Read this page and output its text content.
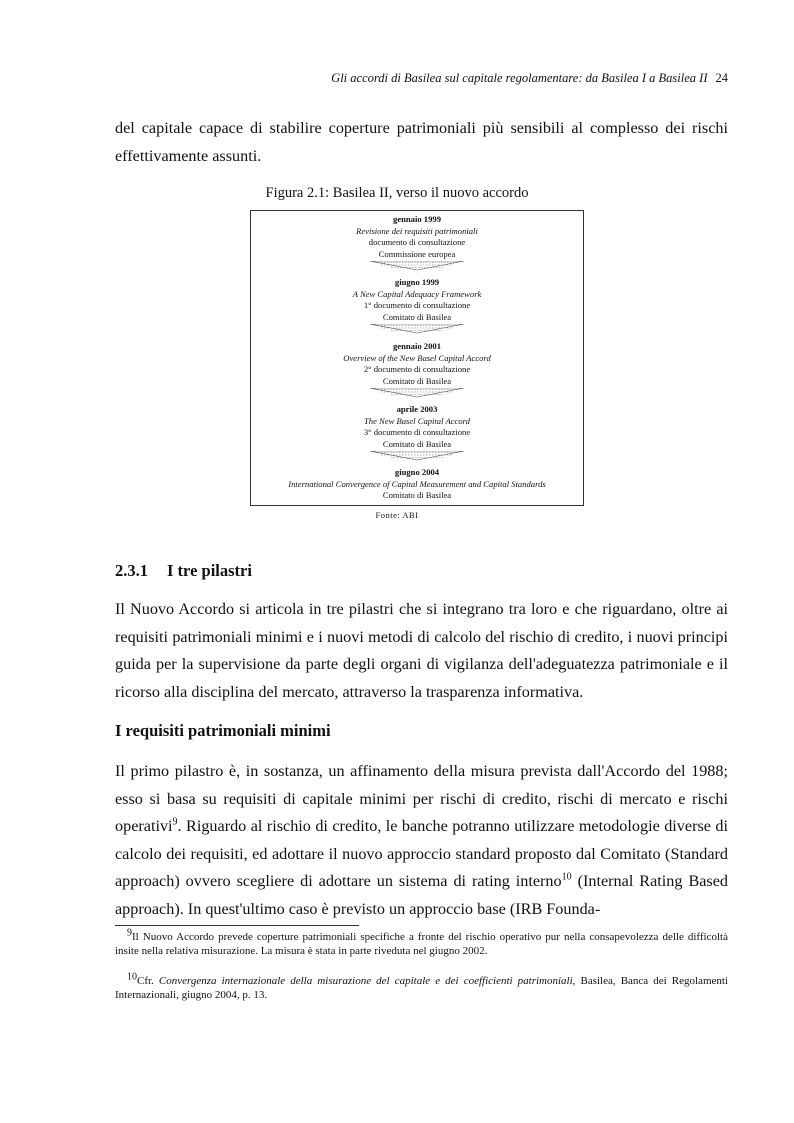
Gli accordi di Basilea sul capitale regolamentare: da Basilea I a Basilea II 24

del capitale capace di stabilire coperture patrimoniali più sensibili al complesso dei rischi effettivamente assunti.

Figura 2.1: Basilea II, verso il nuovo accordo
gennaio 1999
Revisione dei requisiti patrimoniali
documento di consultazione
Commissione europea
giugno 1999
A New Capital Adequacy Framework
1° documento di consultazione
Comitato di Basilea
gennaio 2001
Overview of the New Basel Capital Accord
2° documento di consultazione
Comitato di Basilea
aprile 2003
The New Basel Capital Accord
3° documento di consultazione
Comitato di Basilea
giugno 2004
International Convergence of Capital Measurement and Capital Standards
Comitato di Basilea
Fonte: ABI
2.3.1 I tre pilastri

Il Nuovo Accordo si articola in tre pilastri che si integrano tra loro e che riguardano, oltre ai requisiti patrimoniali minimi e i nuovi metodi di calcolo del rischio di credito, i nuovi principi guida per la supervisione da parte degli organi di vigilanza dell'adeguatezza patrimoniale e il ricorso alla disciplina del mercato, attraverso la trasparenza informativa.

I requisiti patrimoniali minimi

Il primo pilastro è, in sostanza, un affinamento della misura prevista dall'Accordo del 1988; esso si basa su requisiti di capitale minimi per rischi di credito, rischi di mercato e rischi operativi$^9$. Riguardo al rischio di credito, le banche potranno utilizzare metodologie diverse di calcolo dei requisiti, ed adottare il nuovo approccio standard proposto dal Comitato (Standard approach) ovvero scegliere di adottare un sistema di rating interno$^{10}$ (Internal Rating Based approach). In quest'ultimo caso è previsto un approccio base (IRB Founda-

$^9$Il Nuovo Accordo prevede coperture patrimoniali specifiche a fronte del rischio operativo pur nella consapevolezza delle difficoltà insite nella relativa misurazione. La misura è stata in parte riveduta nel giugno 2002.

$^{10}$Cfr. Convergenza internazionale della misurazione del capitale e dei coefficienti patrimoniali, Basilea, Banca dei Regolamenti Internazionali, giugno 2004, p. 13.
